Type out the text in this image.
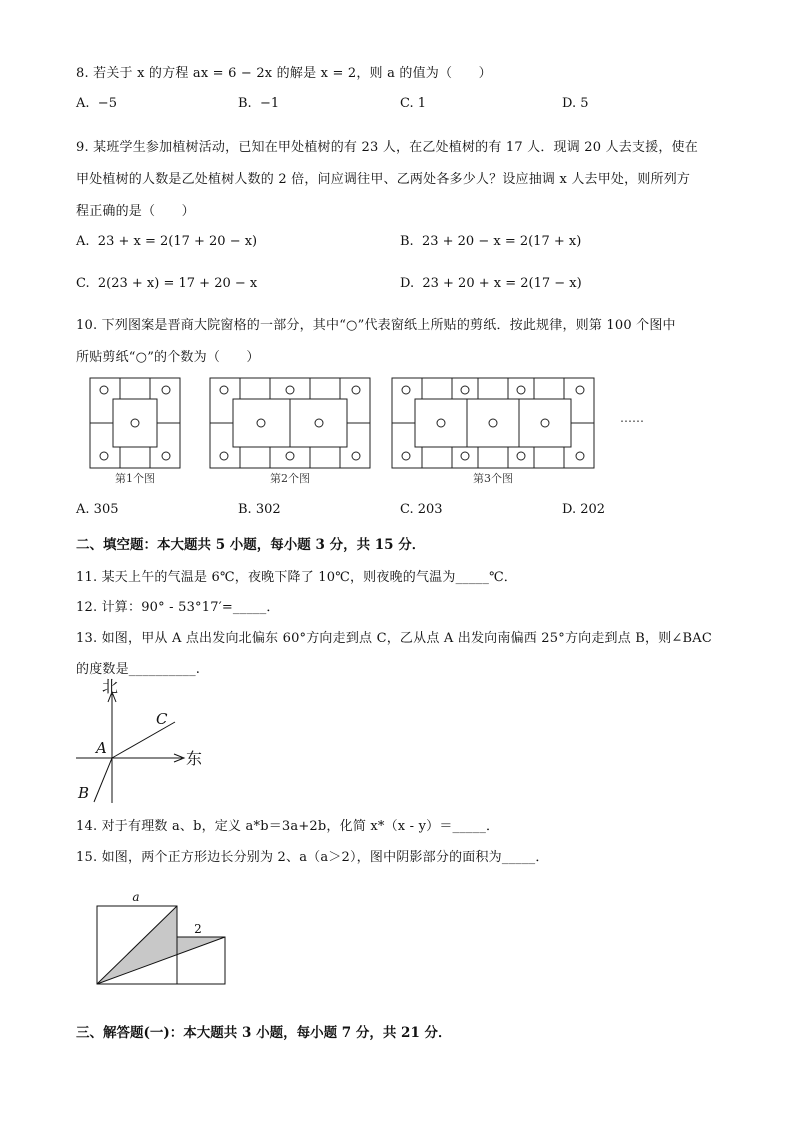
8. 若关于 x 的方程 ax = 6 − 2x 的解是 x = 2，则 a 的值为（　　）
A. −5	B. −1	C. 1	D. 5
9. 某班学生参加植树活动，已知在甲处植树的有 23 人，在乙处植树的有 17 人．现调 20 人去支援，使在
甲处植树的人数是乙处植树人数的 2 倍，问应调往甲、乙两处各多少人？设应抽调 x 人去甲处，则所列方
程正确的是（　　）
A. 23 + x = 2(17 + 20 − x)	B. 23 + 20 − x = 2(17 + x)
C. 2(23 + x) = 17 + 20 − x	D. 23 + 20 + x = 2(17 − x)
10. 下列图案是晋商大院窗格的一部分，其中“○”代表窗纸上所贴的剪纸．按此规律，则第 100 个图中
所贴剪纸“○”的个数为（　　）
第1个图	第2个图	第3个图
……
A. 305	B. 302	C. 203	D. 202
二、填空题：本大题共 5 小题，每小题 3 分，共 15 分．
11. 某天上午的气温是 6℃，夜晚下降了 10℃，则夜晚的气温为_____℃．
12. 计算：90° - 53°17′=_____．
13. 如图，甲从 A 点出发向北偏东 60°方向走到点 C，乙从点 A 出发向南偏西 25°方向走到点 B，则∠BAC
的度数是__________.
北
东
C
A
B
14. 对于有理数 a、b，定义 a*b＝3a+2b，化简 x*（x - y）＝_____．
15. 如图，两个正方形边长分别为 2、a（a＞2），图中阴影部分的面积为_____．
a
2
三、解答题(一)：本大题共 3 小题，每小题 7 分，共 21 分．
